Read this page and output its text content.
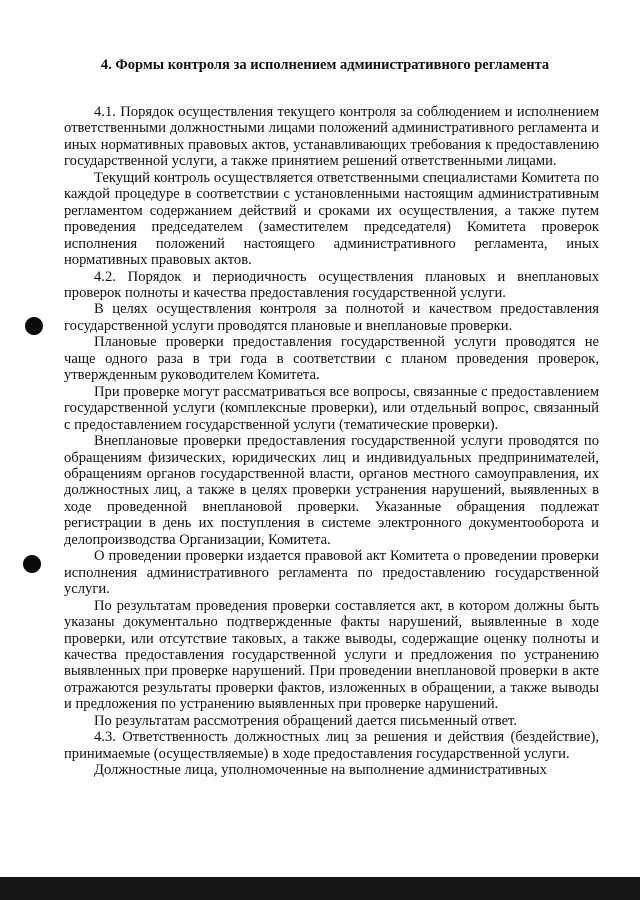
4. Формы контроля за исполнением административного регламента

4.1. Порядок осуществления текущего контроля за соблюдением и исполнением ответственными должностными лицами положений административного регламента и иных нормативных правовых актов, устанавливающих требования к предоставлению государственной услуги, а также принятием решений ответственными лицами.

Текущий контроль осуществляется ответственными специалистами Комитета по каждой процедуре в соответствии с установленными настоящим административным регламентом содержанием действий и сроками их осуществления, а также путем проведения председателем (заместителем председателя) Комитета проверок исполнения положений настоящего административного регламента, иных нормативных правовых актов.

4.2. Порядок и периодичность осуществления плановых и внеплановых проверок полноты и качества предоставления государственной услуги.

В целях осуществления контроля за полнотой и качеством предоставления государственной услуги проводятся плановые и внеплановые проверки.

Плановые проверки предоставления государственной услуги проводятся не чаще одного раза в три года в соответствии с планом проведения проверок, утвержденным руководителем Комитета.

При проверке могут рассматриваться все вопросы, связанные с предоставлением государственной услуги (комплексные проверки), или отдельный вопрос, связанный с предоставлением государственной услуги (тематические проверки).

Внеплановые проверки предоставления государственной услуги проводятся по обращениям физических, юридических лиц и индивидуальных предпринимателей, обращениям органов государственной власти, органов местного самоуправления, их должностных лиц, а также в целях проверки устранения нарушений, выявленных в ходе проведенной внеплановой проверки. Указанные обращения подлежат регистрации в день их поступления в системе электронного документооборота и делопроизводства Организации, Комитета.

О проведении проверки издается правовой акт Комитета о проведении проверки исполнения административного регламента по предоставлению государственной услуги.

По результатам проведения проверки составляется акт, в котором должны быть указаны документально подтвержденные факты нарушений, выявленные в ходе проверки, или отсутствие таковых, а также выводы, содержащие оценку полноты и качества предоставления государственной услуги и предложения по устранению выявленных при проверке нарушений. При проведении внеплановой проверки в акте отражаются результаты проверки фактов, изложенных в обращении, а также выводы и предложения по устранению выявленных при проверке нарушений.

По результатам рассмотрения обращений дается письменный ответ.

4.3. Ответственность должностных лиц за решения и действия (бездействие), принимаемые (осуществляемые) в ходе предоставления государственной услуги.

Должностные лица, уполномоченные на выполнение административных
